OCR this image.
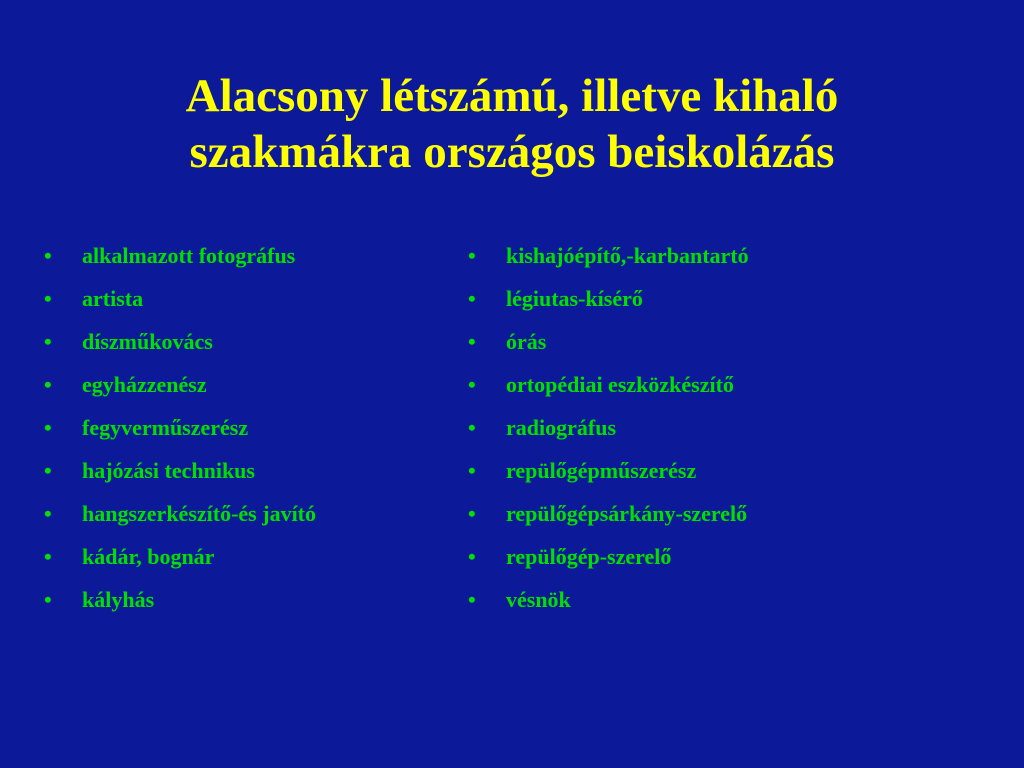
Alacsony létszámú, illetve kihaló
szakmákra országos beiskolázás
• alkalmazott fotográfus
• artista
• díszműkovács
• egyházzenész
• fegyverműszerész
• hajózási technikus
• hangszerkészítő-és javító
• kádár, bognár
• kályhás
• kishajóépítő,-karbantartó
• légiutas-kísérő
• órás
• ortopédiai eszközkészítő
• radiográfus
• repülőgépműszerész
• repülőgépsárkány-szerelő
• repülőgép-szerelő
• vésnök
